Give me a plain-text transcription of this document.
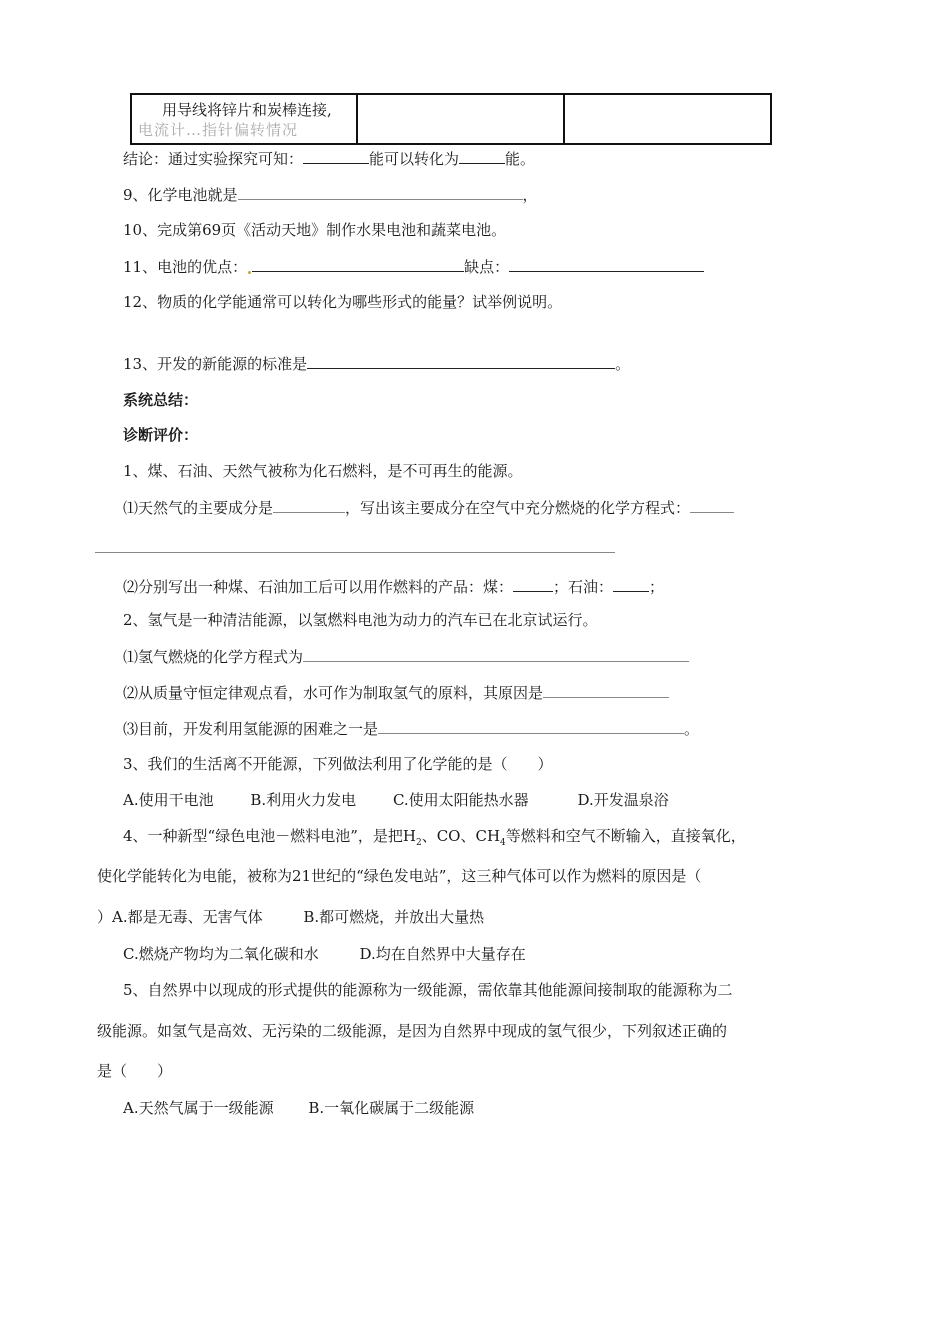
用导线将锌片和炭棒连接,
电流计…指针偏转情况

结论：通过实验探究可知：	能可以转化为	能。
9、化学电池就是	，
10、完成第69页《活动天地》制作水果电池和蔬菜电池。
11、电池的优点：	缺点：
12、物质的化学能通常可以转化为哪些形式的能量？试举例说明。
13、开发的新能源的标准是	。
系统总结：
诊断评价：
1、煤、石油、天然气被称为化石燃料，是不可再生的能源。
⑴天然气的主要成分是	，写出该主要成分在空气中充分燃烧的化学方程式：
⑵分别写出一种煤、石油加工后可以用作燃料的产品：煤：	；石油： ；
2、氢气是一种清洁能源，以氢燃料电池为动力的汽车已在北京试运行。
⑴氢气燃烧的化学方程式为
⑵从质量守恒定律观点看，水可作为制取氢气的原料，其原因是
⑶目前，开发利用氢能源的困难之一是	。
3、我们的生活离不开能源，下列做法利用了化学能的是（　　）
A.使用干电池 B.利用火力发电 C.使用太阳能热水器	D.开发温泉浴
4、一种新型“绿色电池－燃料电池”，是把$H_2$、CO、$CH_4$等燃料和空气不断输入，直接氧化，
使化学能转化为电能，被称为21世纪的“绿色发电站”，这三种气体可以作为燃料的原因是（
）A.都是无毒、无害气体	B.都可燃烧，并放出大量热
C.燃烧产物均为二氧化碳和水	D.均在自然界中大量存在
5、自然界中以现成的形式提供的能源称为一级能源，需依靠其他能源间接制取的能源称为二
级能源。如氢气是高效、无污染的二级能源，是因为自然界中现成的氢气很少，下列叙述正确的
是（　　）
A.天然气属于一级能源 B.一氧化碳属于二级能源
